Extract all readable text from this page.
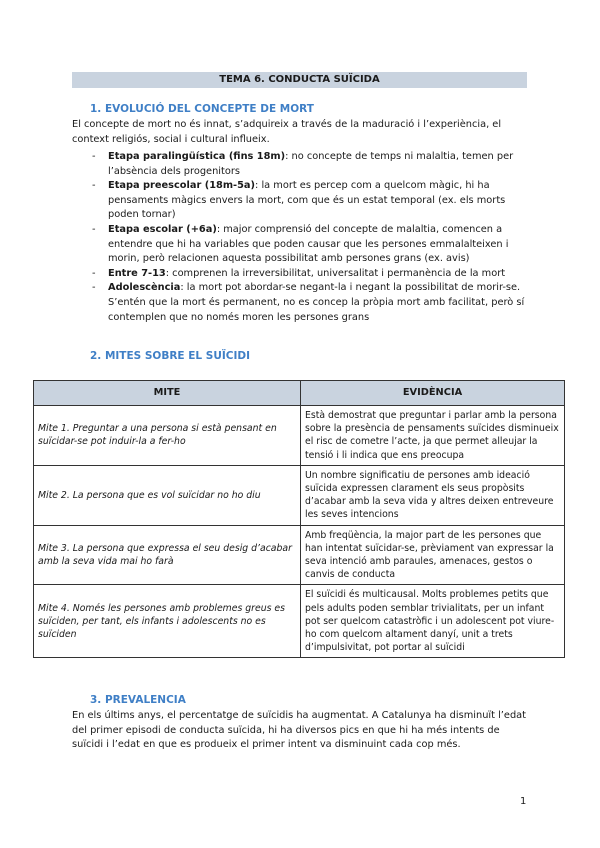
TEMA 6. CONDUCTA SUÏCIDA
1. EVOLUCIÓ DEL CONCEPTE DE MORT
El concepte de mort no és innat, s’adquireix a través de la maduració i l’experiència, el context religiós, social i cultural influeix.
- Etapa paralingüística (fins 18m): no concepte de temps ni malaltia, temen per l’absència dels progenitors
- Etapa preescolar (18m-5a): la mort es percep com a quelcom màgic, hi ha pensaments màgics envers la mort, com que és un estat temporal (ex. els morts poden tornar)
- Etapa escolar (+6a): major comprensió del concepte de malaltia, comencen a entendre que hi ha variables que poden causar que les persones emmalalteixen i morin, però relacionen aquesta possibilitat amb persones grans (ex. avis)
- Entre 7-13: comprenen la irreversibilitat, universalitat i permanència de la mort
- Adolescència: la mort pot abordar-se negant-la i negant la possibilitat de morir-se. S’entén que la mort és permanent, no es concep la pròpia mort amb facilitat, però sí contemplen que no només moren les persones grans
2. MITES SOBRE EL SUÏCIDI
MITE	EVIDÈNCIA
Mite 1. Preguntar a una persona si està pensant en suïcidar-se pot induir-la a fer-ho	Està demostrat que preguntar i parlar amb la persona sobre la presència de pensaments suïcides disminueix el risc de cometre l’acte, ja que permet alleujar la tensió i li indica que ens preocupa
Mite 2. La persona que es vol suïcidar no ho diu	Un nombre significatiu de persones amb ideació suïcida expressen clarament els seus propòsits d’acabar amb la seva vida y altres deixen entreveure les seves intencions
Mite 3. La persona que expressa el seu desig d’acabar amb la seva vida mai ho farà	Amb freqüència, la major part de les persones que han intentat suïcidar-se, prèviament van expressar la seva intenció amb paraules, amenaces, gestos o canvis de conducta
Mite 4. Només les persones amb problemes greus es suïciden, per tant, els infants i adolescents no es suïciden	El suïcidi és multicausal. Molts problemes petits que pels adults poden semblar trivialitats, per un infant pot ser quelcom catastròfic i un adolescent pot viure-ho com quelcom altament danyí, unit a trets d’impulsivitat, pot portar al suïcidi
3. PREVALENCIA
En els últims anys, el percentatge de suïcidis ha augmentat. A Catalunya ha disminuït l’edat del primer episodi de conducta suïcida, hi ha diversos pics en que hi ha més intents de suïcidi i l’edat en que es produeix el primer intent va disminuint cada cop més.
1
